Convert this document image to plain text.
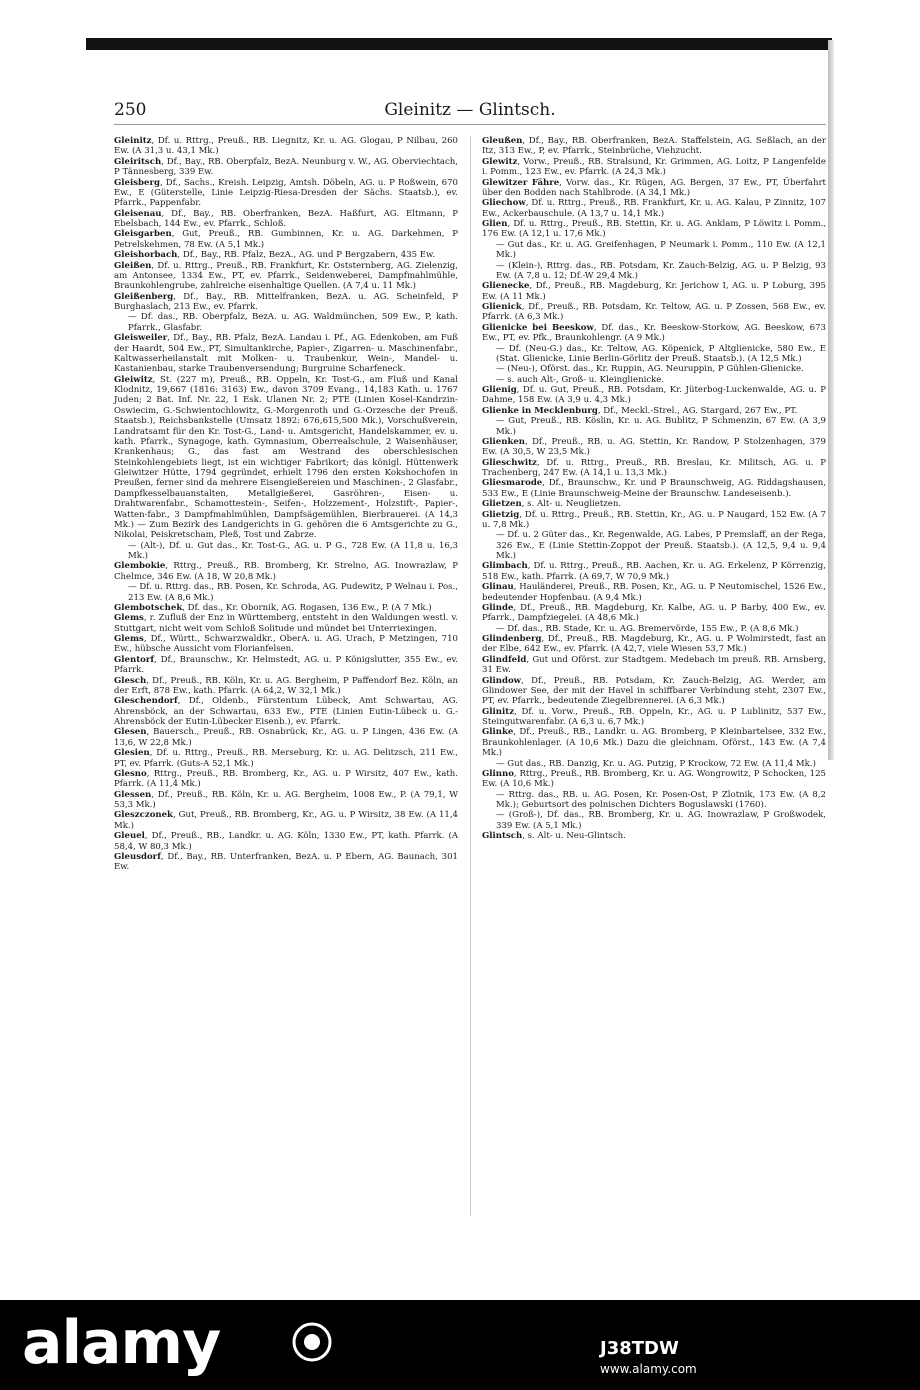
250	Gleinitz — Glintsch.

Gleinitz, Df. u. Rttrg., Preuß., RB. Liegnitz, Kr. u. AG. Glogau, P Nilbau, 260 Ew. (A 31,3 u. 43,1 Mk.)

Gleiritsch, Df., Bay., RB. Oberpfalz, BezA. Neunburg v. W., AG. Oberviechtach, P Tännesberg, 339 Ew.

Gleisberg, Df., Sachs., Kreish. Leipzig, Amtsh. Döbeln, AG. u. P Roßwein, 670 Ew., E (Güterstelle, Linie Leipzig-Riesa-Dresden der Sächs. Staatsb.), ev. Pfarrk., Pappenfabr.

Gleisenau, Df., Bay., RB. Oberfranken, BezA. Haßfurt, AG. Eltmann, P Ebelsbach, 144 Ew., ev. Pfarrk., Schloß.

Gleisgarben, Gut, Preuß., RB. Gumbinnen, Kr. u. AG. Darkehmen, P Petrelskehmen, 78 Ew. (A 5,1 Mk.)

Gleishorbach, Df., Bay., RB. Pfalz, BezA., AG. und P Bergzabern, 435 Ew.

Gleißen, Df. u. Rttrg., Preuß., RB. Frankfurt, Kr. Oststernberg, AG. Zielenzig, am Antonsee, 1334 Ew., PT, ev. Pfarrk., Seidenweberei, Dampfmahlmühle, Braunkohlengrube, zahlreiche eisenhaltige Quellen. (A 7,4 u. 11 Mk.)

Gleißenberg, Df., Bay., RB. Mittelfranken, BezA. u. AG. Scheinfeld, P Burghaslach, 213 Ew., ev. Pfarrk.

— Df. das., RB. Oberpfalz, BezA. u. AG. Waldmünchen, 509 Ew., P, kath. Pfarrk., Glasfabr.

Gleisweiler, Df., Bay., RB. Pfalz, BezA. Landau i. Pf., AG. Edenkoben, am Fuß der Haardt, 504 Ew., PT, Simultankirche, Papier-, Zigarren- u. Maschinenfabr., Kaltwasserheilanstalt mit Molken- u. Traubenkur, Wein-, Mandel- u. Kastanienbau, starke Traubenversendung; Burgruine Scharfeneck.

Gleiwitz, St. (227 m), Preuß., RB. Oppeln, Kr. Tost-G., am Fluß und Kanal Klodnitz, 19,667 (1816: 3163) Ew., davon 3709 Evang., 14,183 Kath. u. 1767 Juden; 2 Bat. Inf. Nr. 22, 1 Esk. Ulanen Nr. 2; PTE (Linien Kosel-Kandrzin-Oswiecim, G.-Schwientochlowitz, G.-Morgenroth und G.-Orzesche der Preuß. Staatsb.), Reichsbankstelle (Umsatz 1892: 676,615,500 Mk.), Vorschußverein, Landratsamt für den Kr. Tost-G., Land- u. Amtsgericht, Handelskammer, ev. u. kath. Pfarrk., Synagoge, kath. Gymnasium, Oberrealschule, 2 Waisenhäuser, Krankenhaus; G., das fast am Westrand des oberschlesischen Steinkohlengebiets liegt, ist ein wichtiger Fabrikort; das königl. Hüttenwerk Gleiwitzer Hütte, 1794 gegründet, erhielt 1796 den ersten Kokshochofen in Preußen, ferner sind da mehrere Eisengießereien und Maschinen-, 2 Glasfabr., Dampfkesselbauanstalten, Metallgießerei, Gasröhren-, Eisen- u. Drahtwarenfabr., Schamottestein-, Seifen-, Holzzement-, Holzstift-, Papier-, Watten-fabr., 3 Dampfmahlmühlen, Dampfsägemühlen, Bierbrauerei. (A 14,3 Mk.) — Zum Bezirk des Landgerichts in G. gehören die 6 Amtsgerichte zu G., Nikolai, Peiskretscham, Pleß, Tost und Zabrze.

— (Alt-), Df. u. Gut das., Kr. Tost-G., AG. u. P G., 728 Ew. (A 11,8 u. 16,3 Mk.)

Glembokie, Rttrg., Preuß., RB. Bromberg, Kr. Strelno, AG. Inowrazlaw, P Chelmce, 346 Ew. (A 18, W 20,8 Mk.)

— Df. u. Rttrg. das., RB. Posen, Kr. Schroda, AG. Pudewitz, P Welnau i. Pos., 213 Ew. (A 8,6 Mk.)

Glembotschek, Df. das., Kr. Obornik, AG. Rogasen, 136 Ew., P. (A 7 Mk.)

Glems, r. Zufluß der Enz in Württemberg, entsteht in den Waldungen westl. v. Stuttgart, nicht weit vom Schloß Solitude und mündet bei Unterriexingen.

Glems, Df., Württ., Schwarzwaldkr., OberA. u. AG. Urach, P Metzingen, 710 Ew., hübsche Aussicht vom Florianfelsen.

Glentorf, Df., Braunschw., Kr. Helmstedt, AG. u. P Königslutter, 355 Ew., ev. Pfarrk.

Glesch, Df., Preuß., RB. Köln, Kr. u. AG. Bergheim, P Paffendorf Bez. Köln, an der Erft, 878 Ew., kath. Pfarrk. (A 64,2, W 32,1 Mk.)

Gleschendorf, Df., Oldenb., Fürstentum Lübeck, Amt Schwartau, AG. Ahrensböck, an der Schwartau, 633 Ew., PTE (Linien Eutin-Lübeck u. G.-Ahrensböck der Eutin-Lübecker Eisenb.), ev. Pfarrk.

Glesen, Bauersch., Preuß., RB. Osnabrück, Kr., AG. u. P Lingen, 436 Ew. (A 13,6, W 22,8 Mk.)

Glesien, Df. u. Rttrg., Preuß., RB. Merseburg, Kr. u. AG. Delitzsch, 211 Ew., PT, ev. Pfarrk. (Guts-A 52,1 Mk.)

Glesno, Rttrg., Preuß., RB. Bromberg, Kr., AG. u. P Wirsitz, 407 Ew., kath. Pfarrk. (A 11,4 Mk.)

Glessen, Df., Preuß., RB. Köln, Kr. u. AG. Bergheim, 1008 Ew., P. (A 79,1, W 53,3 Mk.)

Gleszczonek, Gut, Preuß., RB. Bromberg, Kr., AG. u. P Wirsitz, 38 Ew. (A 11,4 Mk.)

Gleuel, Df., Preuß., RB., Landkr. u. AG. Köln, 1330 Ew., PT, kath. Pfarrk. (A 58,4, W 80,3 Mk.)

Gleusdorf, Df., Bay., RB. Unterfranken, BezA. u. P Ebern, AG. Baunach, 301 Ew.

Gleußen, Df., Bay., RB. Oberfranken, BezA. Staffelstein, AG. Seßlach, an der Itz, 313 Ew., P, ev. Pfarrk., Steinbrüche, Viehzucht.

Glewitz, Vorw., Preuß., RB. Stralsund, Kr. Grimmen, AG. Loitz, P Langenfelde i. Pomm., 123 Ew., ev. Pfarrk. (A 24,3 Mk.)

Glewitzer Fähre, Vorw. das., Kr. Rügen, AG. Bergen, 37 Ew., PT, Überfahrt über den Bodden nach Stahlbrode. (A 34,1 Mk.)

Gliechow, Df. u. Rttrg., Preuß., RB. Frankfurt, Kr. u. AG. Kalau, P Zinnitz, 107 Ew., Ackerbauschule. (A 13,7 u. 14,1 Mk.)

Glien, Df. u. Rttrg., Preuß., RB. Stettin, Kr. u. AG. Anklam, P Löwitz i. Pomm., 176 Ew. (A 12,1 u. 17,6 Mk.)

— Gut das., Kr. u. AG. Greifenhagen, P Neumark i. Pomm., 110 Ew. (A 12,1 Mk.)

— (Klein-), Rttrg. das., RB. Potsdam, Kr. Zauch-Belzig, AG. u. P Belzig, 93 Ew. (A 7,8 u. 12; Df.-W 29,4 Mk.)

Glienecke, Df., Preuß., RB. Magdeburg, Kr. Jerichow I, AG. u. P Loburg, 395 Ew. (A 11 Mk.)

Glienick, Df., Preuß., RB. Potsdam, Kr. Teltow, AG. u. P Zossen, 568 Ew., ev. Pfarrk. (A 6,3 Mk.)

Glienicke bei Beeskow, Df. das., Kr. Beeskow-Storkow, AG. Beeskow, 673 Ew., PT, ev. Pfk., Braunkohlengr. (A 9 Mk.)

— Df. (Neu-G.) das., Kr. Teltow, AG. Köpenick, P Altglienicke, 580 Ew., E (Stat. Glienicke, Linie Berlin-Görlitz der Preuß. Staatsb.). (A 12,5 Mk.)

— (Neu-), Oförst. das., Kr. Ruppin, AG. Neuruppin, P Gühlen-Glienicke.

— s. auch Alt-, Groß- u. Kleinglienicke.

Glienig, Df. u. Gut, Preuß., RB. Potsdam, Kr. Jüterbog-Luckenwalde, AG. u. P Dahme, 158 Ew. (A 3,9 u. 4,3 Mk.)

Glienke in Mecklenburg, Df., Meckl.-Strel., AG. Stargard, 267 Ew., PT.

— Gut, Preuß., RB. Köslin, Kr. u. AG. Bublitz, P Schmenzin, 67 Ew. (A 3,9 Mk.)

Glienken, Df., Preuß., RB. u. AG. Stettin, Kr. Randow, P Stolzenhagen, 379 Ew. (A 30,5, W 23,5 Mk.)

Glieschwitz, Df. u. Rttrg., Preuß., RB. Breslau, Kr. Militsch, AG. u. P Trachenberg, 247 Ew. (A 14,1 u. 13,3 Mk.)

Gliesmarode, Df., Braunschw., Kr. und P Braunschweig, AG. Riddagshausen, 533 Ew., E (Linie Braunschweig-Meine der Braunschw. Landeseisenb.).

Glietzen, s. Alt- u. Neuglietzen.

Glietzig, Df. u. Rttrg., Preuß., RB. Stettin, Kr., AG. u. P Naugard, 152 Ew. (A 7 u. 7,8 Mk.)

— Df. u. 2 Güter das., Kr. Regenwalde, AG. Labes, P Premslaff, an der Rega, 326 Ew., E (Linie Stettin-Zoppot der Preuß. Staatsb.). (A 12,5, 9,4 u. 9,4 Mk.)

Glimbach, Df. u. Rttrg., Preuß., RB. Aachen, Kr. u. AG. Erkelenz, P Körrenzig, 518 Ew., kath. Pfarrk. (A 69,7, W 70,9 Mk.)

Glinau, Hauländerei, Preuß., RB. Posen, Kr., AG. u. P Neutomischel, 1526 Ew., bedeutender Hopfenbau. (A 9,4 Mk.)

Glinde, Df., Preuß., RB. Magdeburg, Kr. Kalbe, AG. u. P Barby, 400 Ew., ev. Pfarrk., Dampfziegelei. (A 48,6 Mk.)

— Df. das., RB. Stade, Kr. u. AG. Bremervörde, 155 Ew., P. (A 8,6 Mk.)

Glindenberg, Df., Preuß., RB. Magdeburg, Kr., AG. u. P Wolmirstedt, fast an der Elbe, 642 Ew., ev. Pfarrk. (A 42,7, viele Wiesen 53,7 Mk.)

Glindfeld, Gut und Oförst. zur Stadtgem. Medebach im preuß. RB. Arnsberg, 31 Ew.

Glindow, Df., Preuß., RB. Potsdam, Kr. Zauch-Belzig, AG. Werder, am Glindower See, der mit der Havel in schiffbarer Verbindung steht, 2307 Ew., PT, ev. Pfarrk., bedeutende Ziegelbrennerei. (A 6,3 Mk.)

Glinitz, Df. u. Vorw., Preuß., RB. Oppeln, Kr., AG. u. P Lublinitz, 537 Ew., Steingutwarenfabr. (A 6,3 u. 6,7 Mk.)

Glinke, Df., Preuß., RB., Landkr. u. AG. Bromberg, P Kleinbartelsee, 332 Ew., Braunkohlenlager. (A 10,6 Mk.) Dazu die gleichnam. Oförst., 143 Ew. (A 7,4 Mk.)

— Gut das., RB. Danzig, Kr. u. AG. Putzig, P Krockow, 72 Ew. (A 11,4 Mk.)

Glinno, Rttrg., Preuß., RB. Bromberg, Kr. u. AG. Wongrowitz, P Schocken, 125 Ew. (A 10,6 Mk.)

— Rttrg. das., RB. u. AG. Posen, Kr. Posen-Ost, P Zlotnik, 173 Ew. (A 8,2 Mk.); Geburtsort des polnischen Dichters Boguslawski (1760).

— (Groß-), Df. das., RB. Bromberg, Kr. u. AG. Inowrazlaw, P Großwodek, 339 Ew. (A 5,1 Mk.)

Glintsch, s. Alt- u. Neu-Glintsch.

alamy	J38TDW
www.alamy.com
